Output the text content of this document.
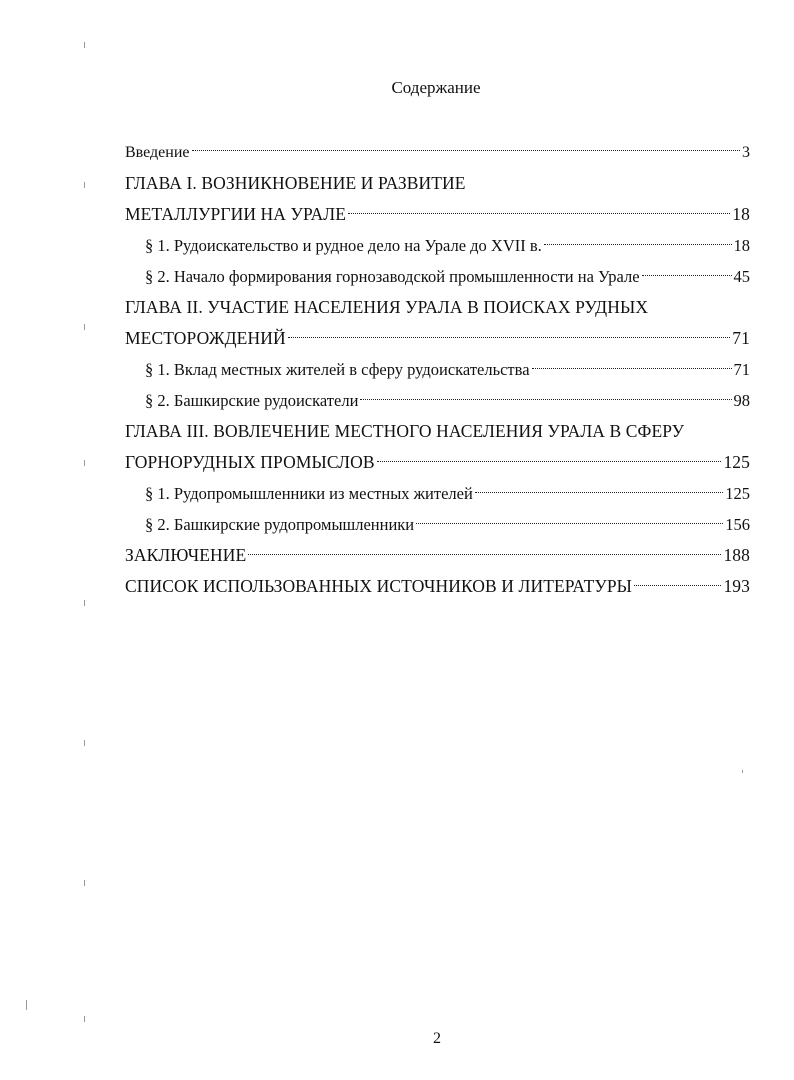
Содержание
Введение	3
ГЛАВА I. ВОЗНИКНОВЕНИЕ И РАЗВИТИЕ
МЕТАЛЛУРГИИ НА УРАЛЕ	18
§ 1. Рудоискательство и рудное дело на Урале до XVII в.	18
§ 2. Начало формирования горнозаводской промышленности на Урале	45
ГЛАВА II. УЧАСТИЕ НАСЕЛЕНИЯ УРАЛА В ПОИСКАХ РУДНЫХ
МЕСТОРОЖДЕНИЙ	71
§ 1. Вклад местных жителей в сферу рудоискательства	71
§ 2. Башкирские рудоискатели	98
ГЛАВА III. ВОВЛЕЧЕНИЕ МЕСТНОГО НАСЕЛЕНИЯ УРАЛА В СФЕРУ
ГОРНОРУДНЫХ ПРОМЫСЛОВ	125
§ 1. Рудопромышленники из местных жителей	125
§ 2. Башкирские рудопромышленники	156
ЗАКЛЮЧЕНИЕ	188
СПИСОК ИСПОЛЬЗОВАННЫХ ИСТОЧНИКОВ И ЛИТЕРАТУРЫ	193
2
